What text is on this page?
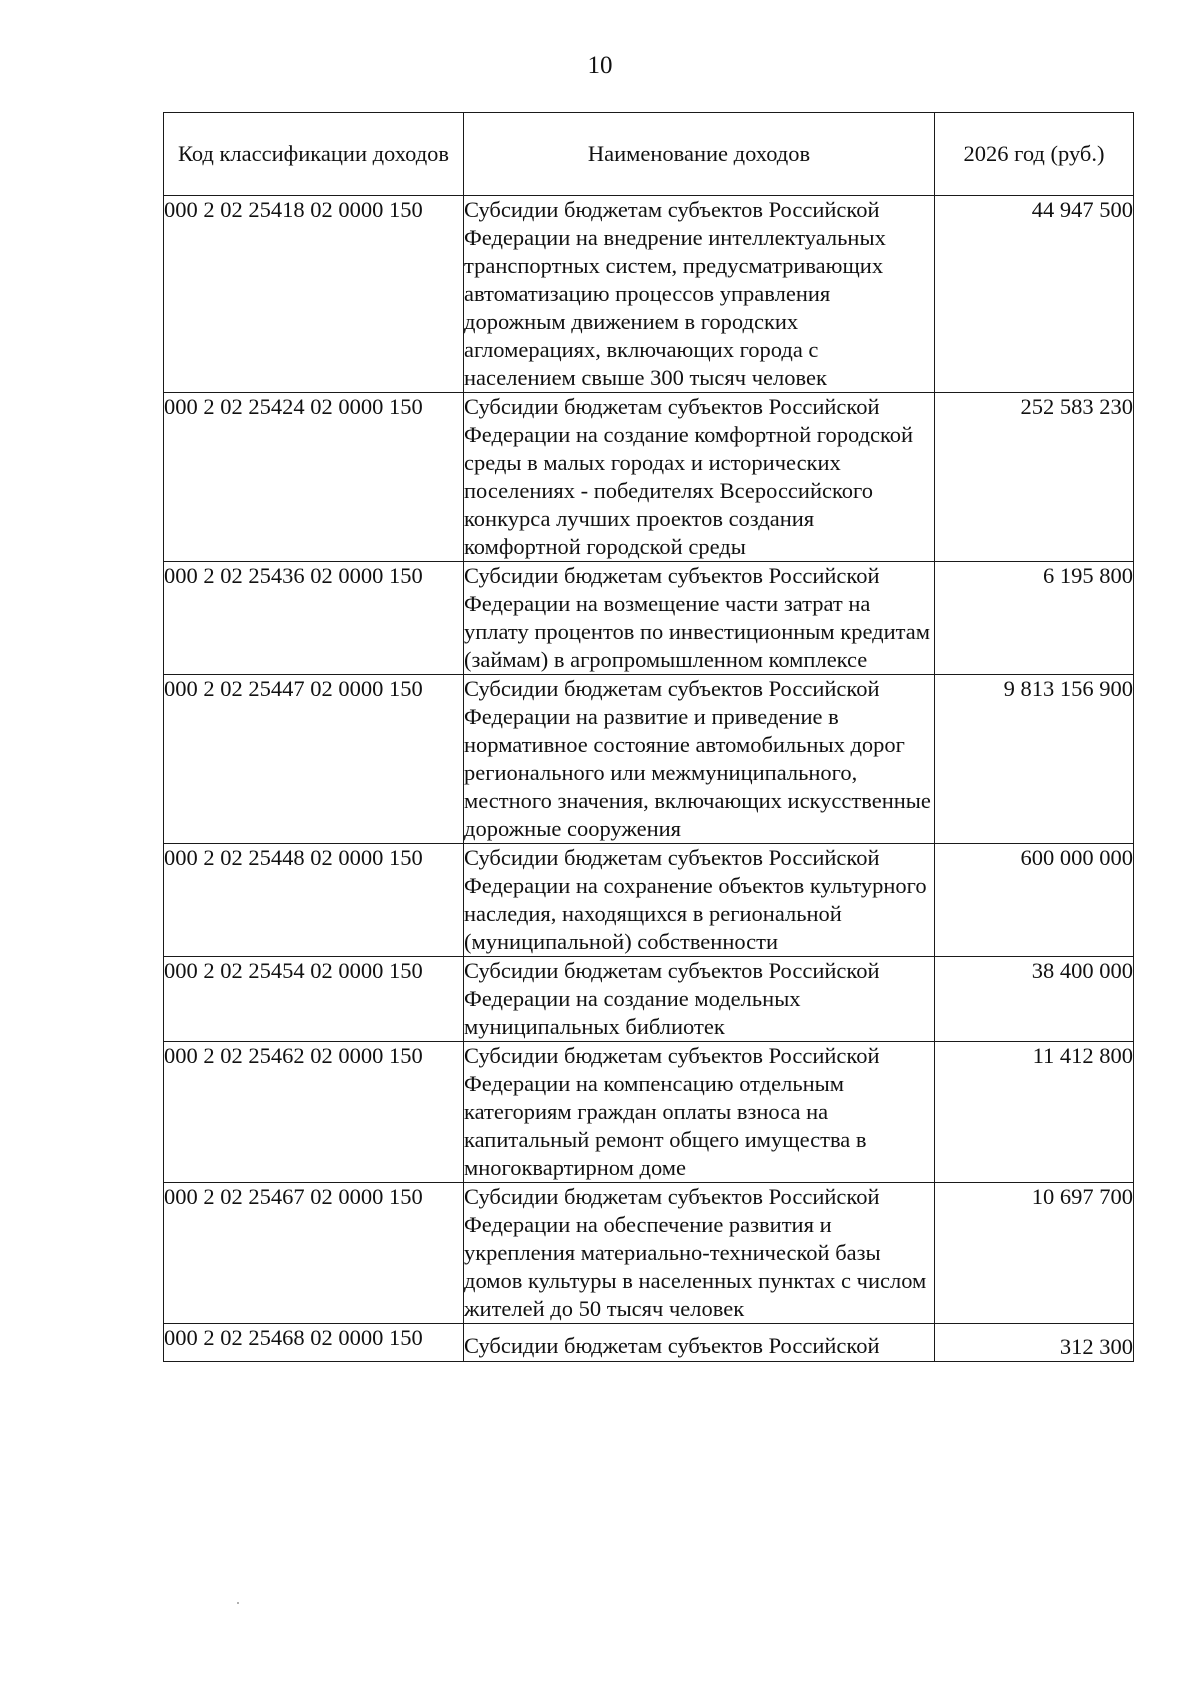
10
Код классификации доходов	Наименование доходов	2026 год (руб.)
000 2 02 25418 02 0000 150	Субсидии бюджетам субъектов Российской Федерации на внедрение интеллектуальных транспортных систем, предусматривающих автоматизацию процессов управления дорожным движением в городских агломерациях, включающих города с населением свыше 300 тысяч человек	44 947 500
000 2 02 25424 02 0000 150	Субсидии бюджетам субъектов Российской Федерации на создание комфортной городской среды в малых городах и исторических поселениях - победителях Всероссийского конкурса лучших проектов создания комфортной городской среды	252 583 230
000 2 02 25436 02 0000 150	Субсидии бюджетам субъектов Российской Федерации на возмещение части затрат на уплату процентов по инвестиционным кредитам (займам) в агропромышленном комплексе	6 195 800
000 2 02 25447 02 0000 150	Субсидии бюджетам субъектов Российской Федерации на развитие и приведение в нормативное состояние автомобильных дорог регионального или межмуниципального, местного значения, включающих искусственные дорожные сооружения	9 813 156 900
000 2 02 25448 02 0000 150	Субсидии бюджетам субъектов Российской Федерации на сохранение объектов культурного наследия, находящихся в региональной (муниципальной) собственности	600 000 000
000 2 02 25454 02 0000 150	Субсидии бюджетам субъектов Российской Федерации на создание модельных муниципальных библиотек	38 400 000
000 2 02 25462 02 0000 150	Субсидии бюджетам субъектов Российской Федерации на компенсацию отдельным категориям граждан оплаты взноса на капитальный ремонт общего имущества в многоквартирном доме	11 412 800
000 2 02 25467 02 0000 150	Субсидии бюджетам субъектов Российской Федерации на обеспечение развития и укрепления материально-технической базы домов культуры в населенных пунктах с числом жителей до 50 тысяч человек	10 697 700
000 2 02 25468 02 0000 150	Субсидии бюджетам субъектов Российской	312 300
